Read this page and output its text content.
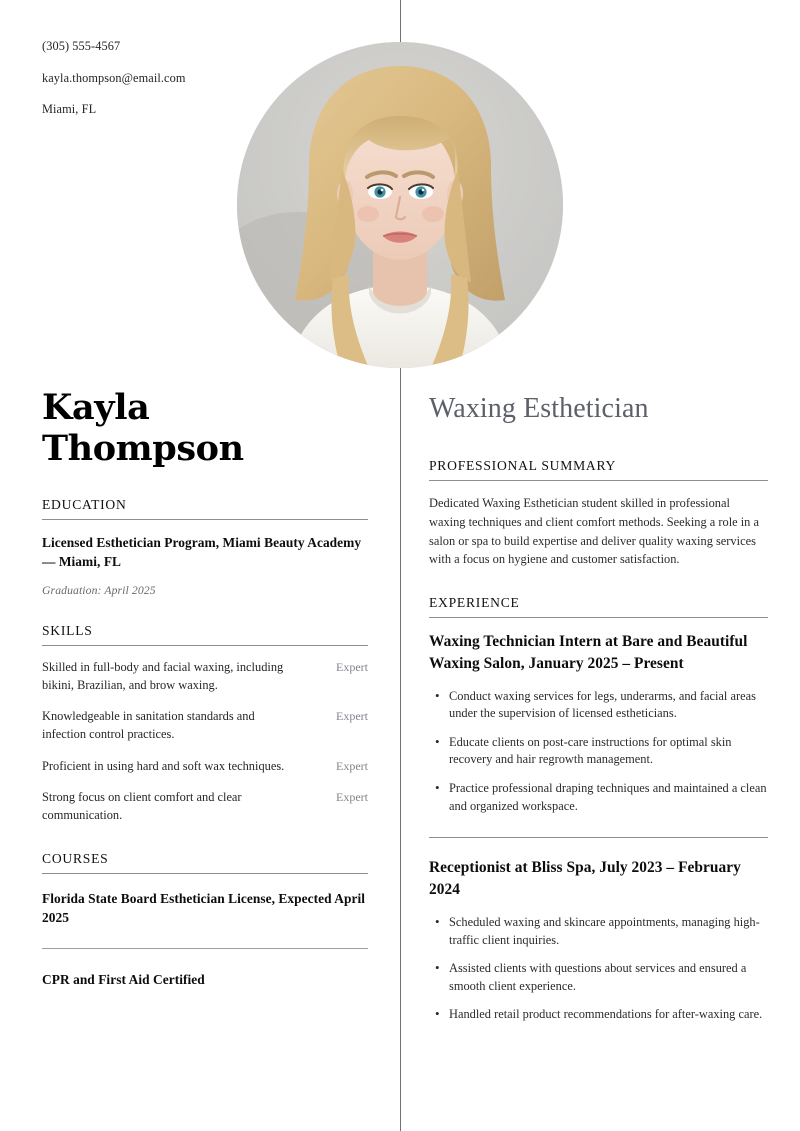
(305) 555-4567
kayla.thompson@email.com
Miami, FL
Kayla
Thompson
EDUCATION
Licensed Esthetician Program, Miami Beauty Academy — Miami, FL
Graduation: April 2025
SKILLS
Skilled in full-body and facial waxing, including bikini, Brazilian, and brow waxing.
Expert
Knowledgeable in sanitation standards and infection control practices.
Expert
Proficient in using hard and soft wax techniques.	Expert
Strong focus on client comfort and clear communication.
Expert
COURSES
Florida State Board Esthetician License, Expected April 2025
CPR and First Aid Certified
Waxing Esthetician
PROFESSIONAL SUMMARY
Dedicated Waxing Esthetician student skilled in professional waxing techniques and client comfort methods. Seeking a role in a salon or spa to build expertise and deliver quality waxing services with a focus on hygiene and customer satisfaction.
EXPERIENCE
Waxing Technician Intern at Bare and Beautiful Waxing Salon, January 2025 – Present
• Conduct waxing services for legs, underarms, and facial areas under the supervision of licensed estheticians.
• Educate clients on post-care instructions for optimal skin recovery and hair regrowth management.
• Practice professional draping techniques and maintained a clean and organized workspace.
Receptionist at Bliss Spa, July 2023 – February 2024
• Scheduled waxing and skincare appointments, managing high-traffic client inquiries.
• Assisted clients with questions about services and ensured a smooth client experience.
• Handled retail product recommendations for after-waxing care.
